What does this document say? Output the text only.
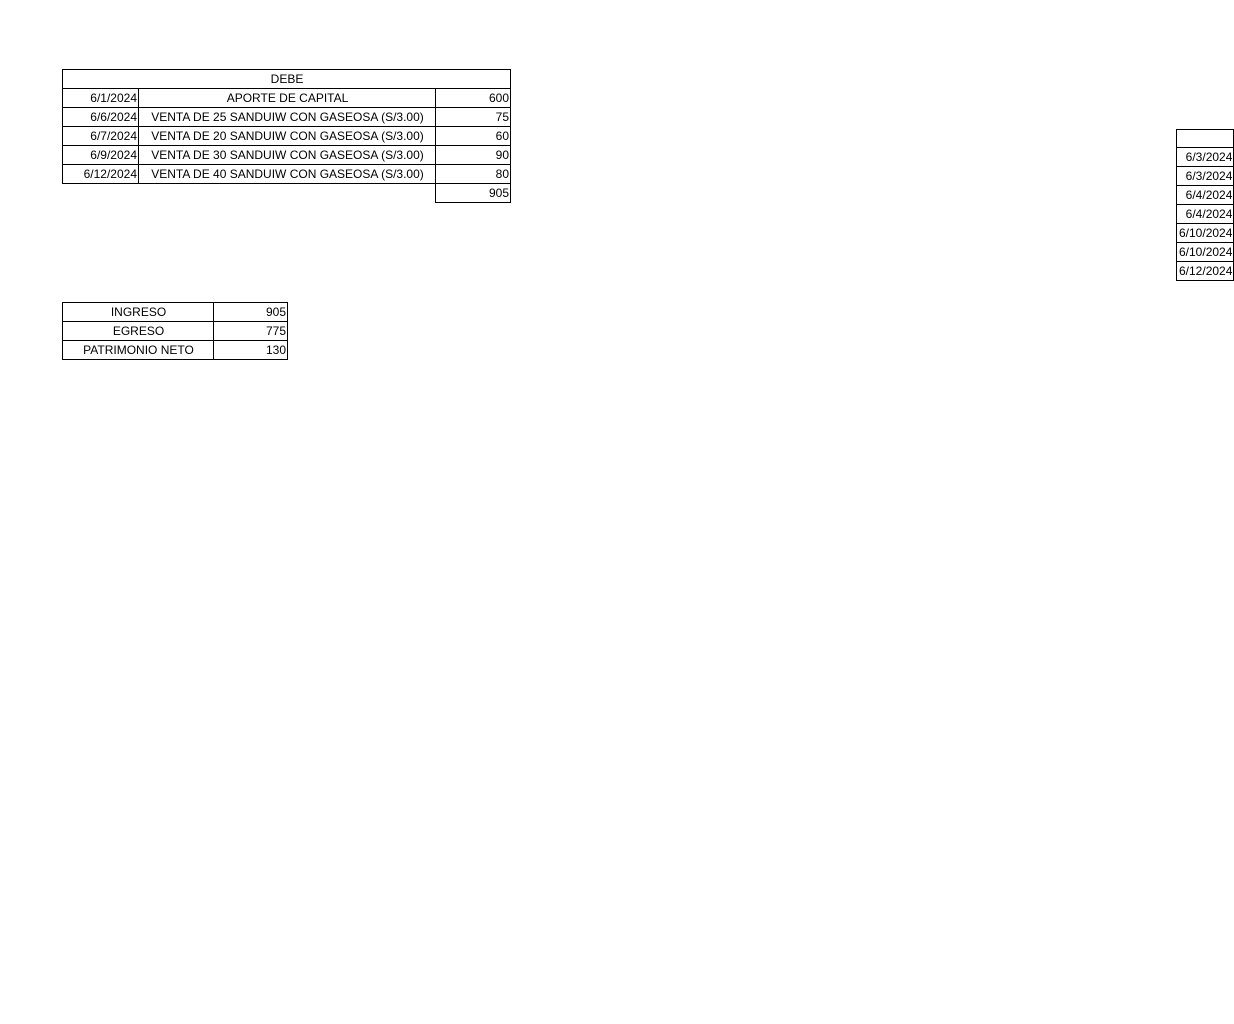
DEBE		
6/1/2024	APORTE DE CAPITAL	600
6/6/2024	VENTA DE 25 SANDUIW CON GASEOSA (S/3.00)	75
6/7/2024	VENTA DE 20 SANDUIW CON GASEOSA (S/3.00)	60
6/9/2024	VENTA DE 30 SANDUIW CON GASEOSA (S/3.00)	90
6/12/2024	VENTA DE 40 SANDUIW CON GASEOSA (S/3.00)	80
		905

6/3/2024
6/3/2024
6/4/2024
6/4/2024
6/10/2024
6/10/2024
6/12/2024
INGRESO	905
EGRESO	775
PATRIMONIO NETO	130
